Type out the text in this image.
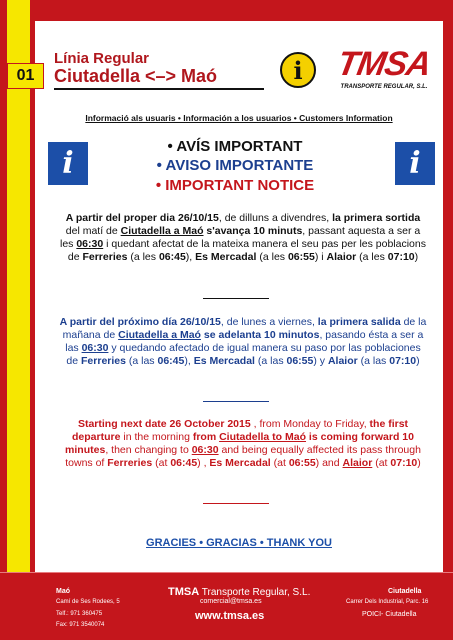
01
Línia Regular
Ciutadella <–> Maó	i TMSA
TRANSPORTE REGULAR, S.L.
Informació als usuaris • Información a los usuarios • Customers Information
i	i
• AVÍS IMPORTANT
• AVISO IMPORTANTE
• IMPORTANT NOTICE
A partir del proper dia 26/10/15, de dilluns a divendres, la primera sortida del matí de Ciutadella a Maó s'avança 10 minuts, passant aquesta a ser a les 06:30 i quedant afectat de la mateixa manera el seu pas per les poblacions de Ferreries (a les 06:45), Es Mercadal (a les 06:55) i Alaior (a les 07:10)
A partir del próximo día 26/10/15, de lunes a viernes, la primera salida de la mañana de Ciutadella a Maó se adelanta 10 minutos, pasando ésta a ser a las 06:30 y quedando afectado de igual manera su paso por las poblaciones de Ferreries (a las 06:45), Es Mercadal (a las 06:55) y Alaior (a las 07:10)
Starting next date 26 October 2015 , from Monday to Friday, the first departure in the morning from Ciutadella to Maó is coming forward 10 minutes, then changing to 06:30 and being equally affected its pass through towns of Ferreries (at 06:45) , Es Mercadal (at 06:55) and Alaior (at 07:10)
GRACIES • GRACIAS • THANK YOU
Maó
Camí de Ses Rodees, 5
Telf.: 971 360475
Fax: 971 3540074
TMSA Transporte Regular, S.L.
comercial@tmsa.es
www.tmsa.es
Ciutadella
Carrer Dels Industrial, Parc. 16
POICI- Ciutadella
